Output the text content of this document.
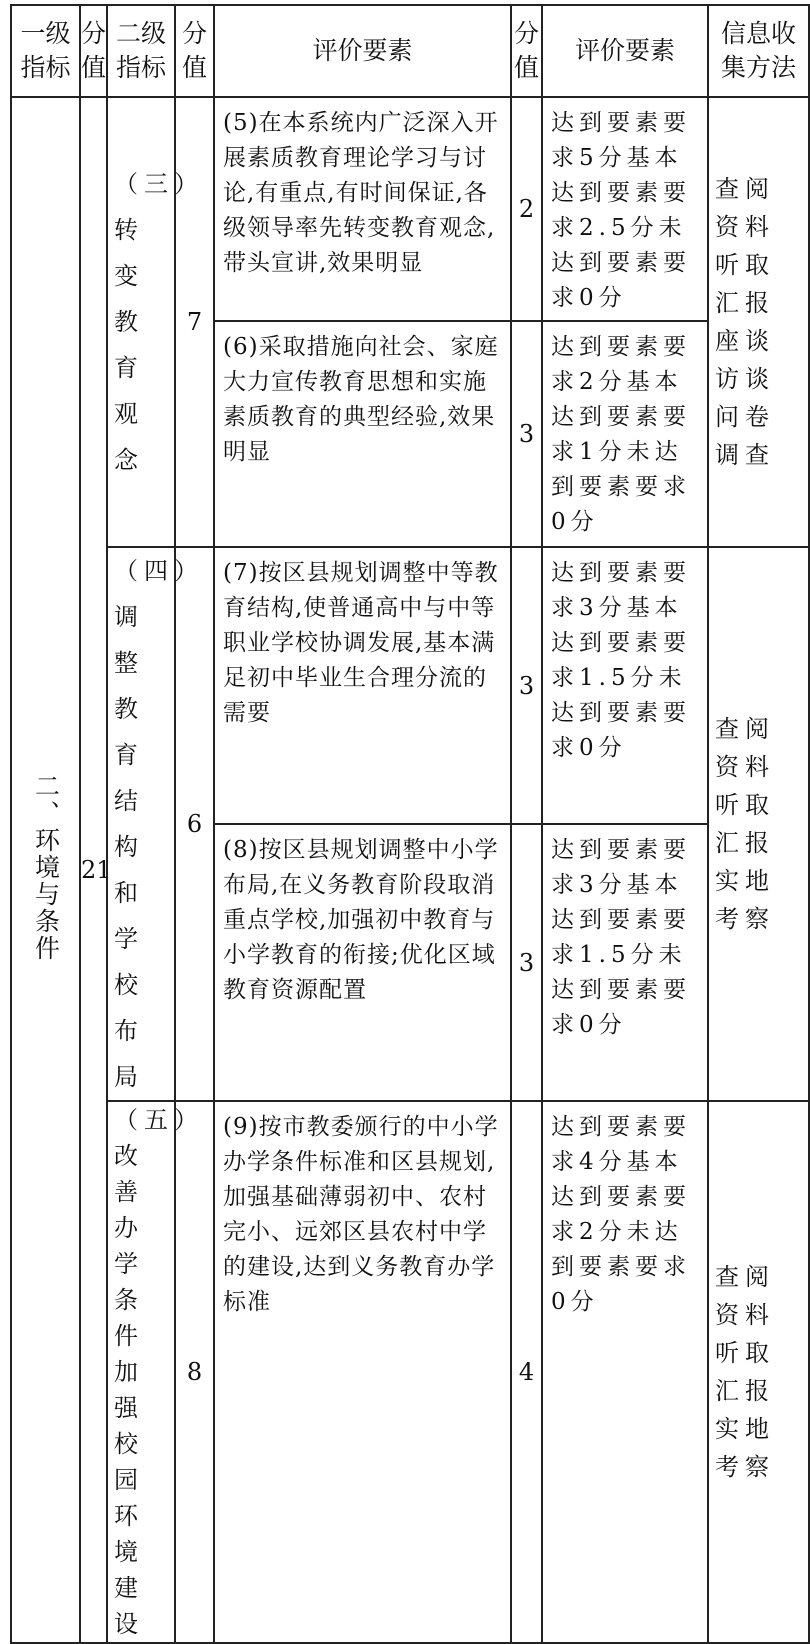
一级指标	分值	二级指标	分值	评价要素	分值	评价要素	信息收集方法
二、环境与条件	21	（三）转变教育观念	7	(5)在本系统内广泛深入开展素质教育理论学习与讨论,有重点,有时间保证,各级领导率先转变教育观念,带头宣讲,效果明显	2	达到要素要求5分基本达到要素要求2.5分未达到要素要求0分	查阅资料听取汇报座谈访谈问卷调查
				(6)采取措施向社会、家庭大力宣传教育思想和实施素质教育的典型经验,效果明显	3	达到要素要求2分基本达到要素要求1分未达到要素要求0分	
		（四）调整教育结构和学校布局	6	(7)按区县规划调整中等教育结构,使普通高中与中等职业学校协调发展,基本满足初中毕业生合理分流的需要	3	达到要素要求3分基本达到要素要求1.5分未达到要素要求0分	查阅资料听取汇报实地考察
				(8)按区县规划调整中小学布局,在义务教育阶段取消重点学校,加强初中教育与小学教育的衔接;优化区域教育资源配置	3	达到要素要求3分基本达到要素要求1.5分未达到要素要求0分	
		（五）改善办学条件加强校园环境建设	8	(9)按市教委颁行的中小学办学条件标准和区县规划,加强基础薄弱初中、农村完小、远郊区县农村中学的建设,达到义务教育办学标准	4	达到要素要求4分基本达到要素要求2分未达到要素要求0分	查阅资料听取汇报实地考察
